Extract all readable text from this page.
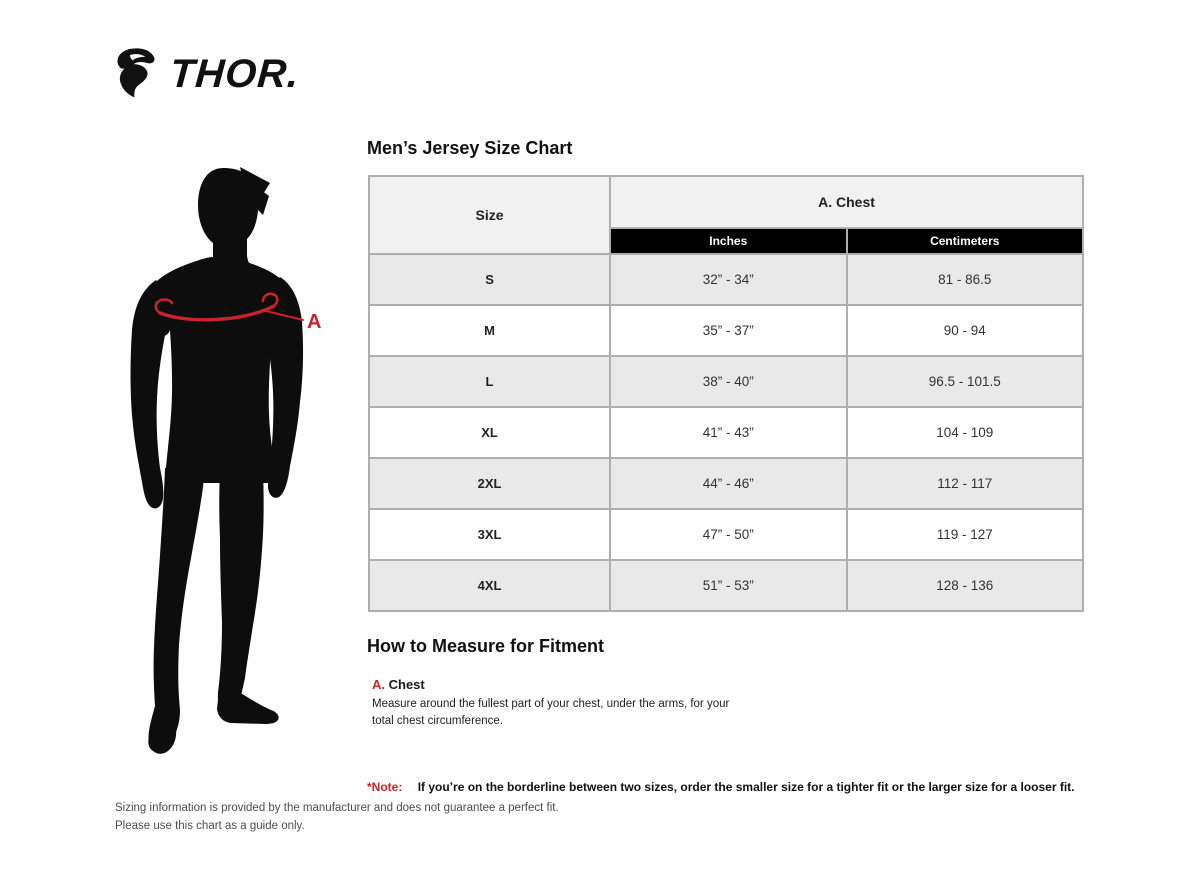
THOR.
A
Men’s Jersey Size Chart
Size	A. Chest	
	Inches	Centimeters
S	32” - 34”	81 - 86.5
M	35” - 37”	90 - 94
L	38” - 40”	96.5 - 101.5
XL	41” - 43”	104 - 109
2XL	44” - 46”	112 - 117
3XL	47” - 50”	119 - 127
4XL	51” - 53”	128 - 136
How to Measure for Fitment
A. Chest

Measure around the fullest part of your chest, under the arms, for your total chest circumference.

*Note: If you’re on the borderline between two sizes, order the smaller size for a tighter fit or the larger size for a looser fit.

Sizing information is provided by the manufacturer and does not guarantee a perfect fit.
Please use this chart as a guide only.
